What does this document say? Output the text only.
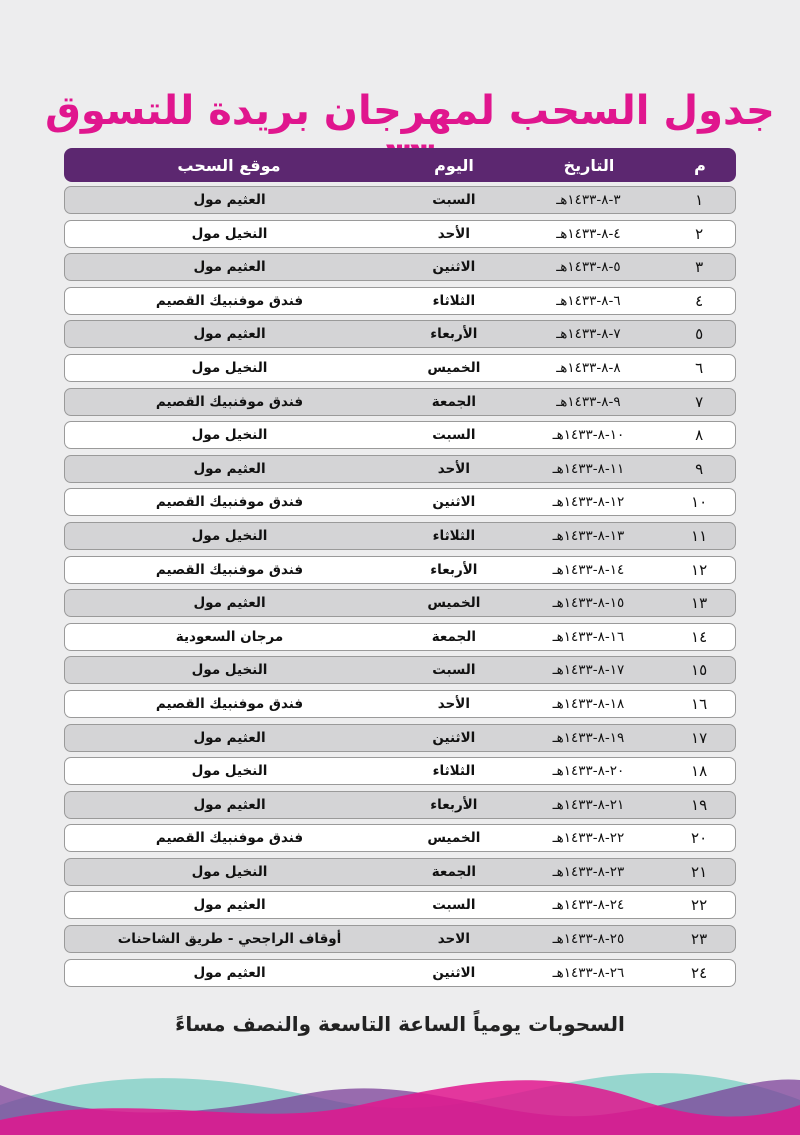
جدول السحب لمهرجان بريدة للتسوق
م
التاريخ
اليوم
موقع السحب
١
٣-٨-١٤٣٣هـ
السبت
العثيم مول
٢
٤-٨-١٤٣٣هـ
الأحد
النخيل مول
٣
٥-٨-١٤٣٣هـ
الاثنين
العثيم مول
٤
٦-٨-١٤٣٣هـ
الثلاثاء
فندق موفنبيك القصيم
٥
٧-٨-١٤٣٣هـ
الأربعاء
العثيم مول
٦
٨-٨-١٤٣٣هـ
الخميس
النخيل مول
٧
٩-٨-١٤٣٣هـ
الجمعة
فندق موفنبيك القصيم
٨
١٠-٨-١٤٣٣هـ
السبت
النخيل مول
٩
١١-٨-١٤٣٣هـ
الأحد
العثيم مول
١٠
١٢-٨-١٤٣٣هـ
الاثنين
فندق موفنبيك القصيم
١١
١٣-٨-١٤٣٣هـ
الثلاثاء
النخيل مول
١٢
١٤-٨-١٤٣٣هـ
الأربعاء
فندق موفنبيك القصيم
١٣
١٥-٨-١٤٣٣هـ
الخميس
العثيم مول
١٤
١٦-٨-١٤٣٣هـ
الجمعة
مرجان السعودية
١٥
١٧-٨-١٤٣٣هـ
السبت
النخيل مول
١٦
١٨-٨-١٤٣٣هـ
الأحد
فندق موفنبيك القصيم
١٧
١٩-٨-١٤٣٣هـ
الاثنين
العثيم مول
١٨
٢٠-٨-١٤٣٣هـ
الثلاثاء
النخيل مول
١٩
٢١-٨-١٤٣٣هـ
الأربعاء
العثيم مول
٢٠
٢٢-٨-١٤٣٣هـ
الخميس
فندق موفنبيك القصيم
٢١
٢٣-٨-١٤٣٣هـ
الجمعة
النخيل مول
٢٢
٢٤-٨-١٤٣٣هـ
السبت
العثيم مول
٢٣
٢٥-٨-١٤٣٣هـ
الاحد
أوقاف الراجحي - طريق الشاحنات
٢٤
٢٦-٨-١٤٣٣هـ
الاثنين
العثيم مول
السحوبات يومياً الساعة التاسعة والنصف مساءً
